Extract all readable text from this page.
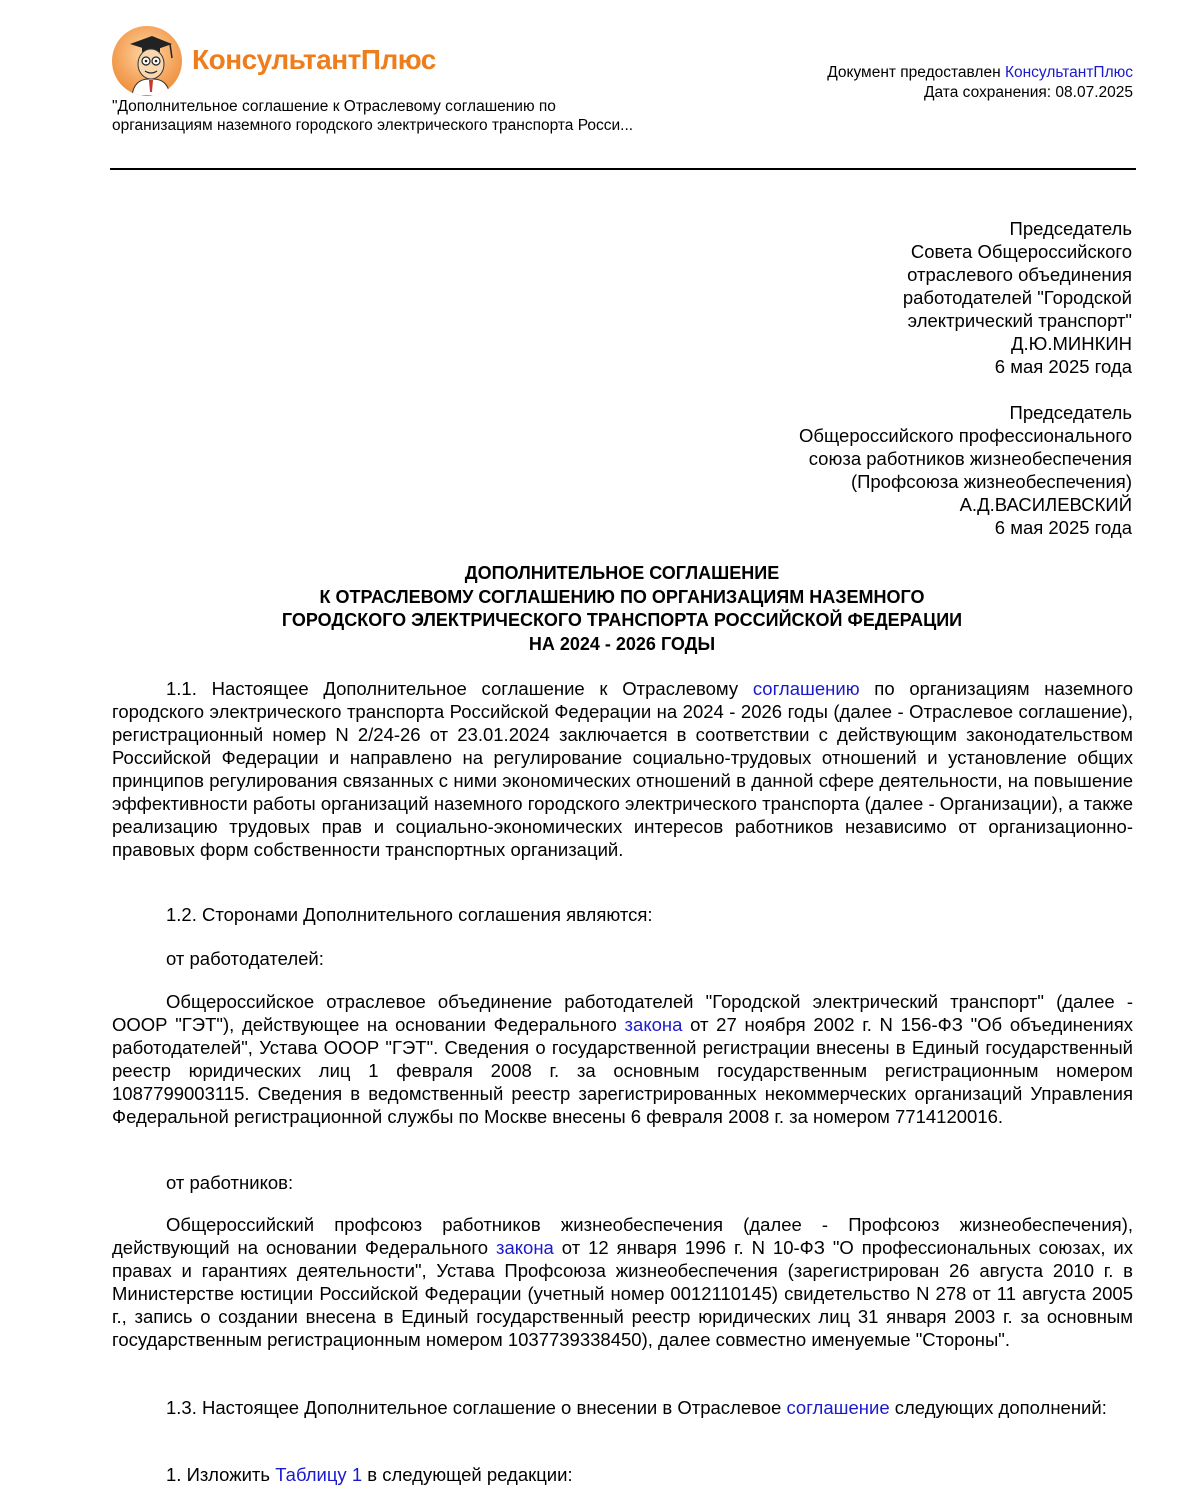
КонсультантПлюс
"Дополнительное соглашение к Отраслевому соглашению по
организациям наземного городского электрического транспорта Росси...
Документ предоставлен КонсультантПлюс
Дата сохранения: 08.07.2025
Председатель
Совета Общероссийского
отраслевого объединения
работодателей "Городской
электрический транспорт"
Д.Ю.МИНКИН
6 мая 2025 года
Председатель
Общероссийского профессионального
союза работников жизнеобеспечения
(Профсоюза жизнеобеспечения)
А.Д.ВАСИЛЕВСКИЙ
6 мая 2025 года
ДОПОЛНИТЕЛЬНОЕ СОГЛАШЕНИЕ
К ОТРАСЛЕВОМУ СОГЛАШЕНИЮ ПО ОРГАНИЗАЦИЯМ НАЗЕМНОГО
ГОРОДСКОГО ЭЛЕКТРИЧЕСКОГО ТРАНСПОРТА РОССИЙСКОЙ ФЕДЕРАЦИИ
НА 2024 - 2026 ГОДЫ

1.1. Настоящее Дополнительное соглашение к Отраслевому соглашению по организациям наземного городского электрического транспорта Российской Федерации на 2024 - 2026 годы (далее - Отраслевое соглашение), регистрационный номер N 2/24-26 от 23.01.2024 заключается в соответствии с действующим законодательством Российской Федерации и направлено на регулирование социально-трудовых отношений и установление общих принципов регулирования связанных с ними экономических отношений в данной сфере деятельности, на повышение эффективности работы организаций наземного городского электрического транспорта (далее - Организации), а также реализацию трудовых прав и социально-экономических интересов работников независимо от организационно-правовых форм собственности транспортных организаций.

1.2. Сторонами Дополнительного соглашения являются:

от работодателей:

Общероссийское отраслевое объединение работодателей "Городской электрический транспорт" (далее - ОООР "ГЭТ"), действующее на основании Федерального закона от 27 ноября 2002 г. N 156-ФЗ "Об объединениях работодателей", Устава ОООР "ГЭТ". Сведения о государственной регистрации внесены в Единый государственный реестр юридических лиц 1 февраля 2008 г. за основным государственным регистрационным номером 1087799003115. Сведения в ведомственный реестр зарегистрированных некоммерческих организаций Управления Федеральной регистрационной службы по Москве внесены 6 февраля 2008 г. за номером 7714120016.

от работников:

Общероссийский профсоюз работников жизнеобеспечения (далее - Профсоюз жизнеобеспечения), действующий на основании Федерального закона от 12 января 1996 г. N 10-ФЗ "О профессиональных союзах, их правах и гарантиях деятельности", Устава Профсоюза жизнеобеспечения (зарегистрирован 26 августа 2010 г. в Министерстве юстиции Российской Федерации (учетный номер 0012110145) свидетельство N 278 от 11 августа 2005 г., запись о создании внесена в Единый государственный реестр юридических лиц 31 января 2003 г. за основным государственным регистрационным номером 1037739338450), далее совместно именуемые "Стороны".

1.3. Настоящее Дополнительное соглашение о внесении в Отраслевое соглашение следующих дополнений:

1. Изложить Таблицу 1 в следующей редакции:
